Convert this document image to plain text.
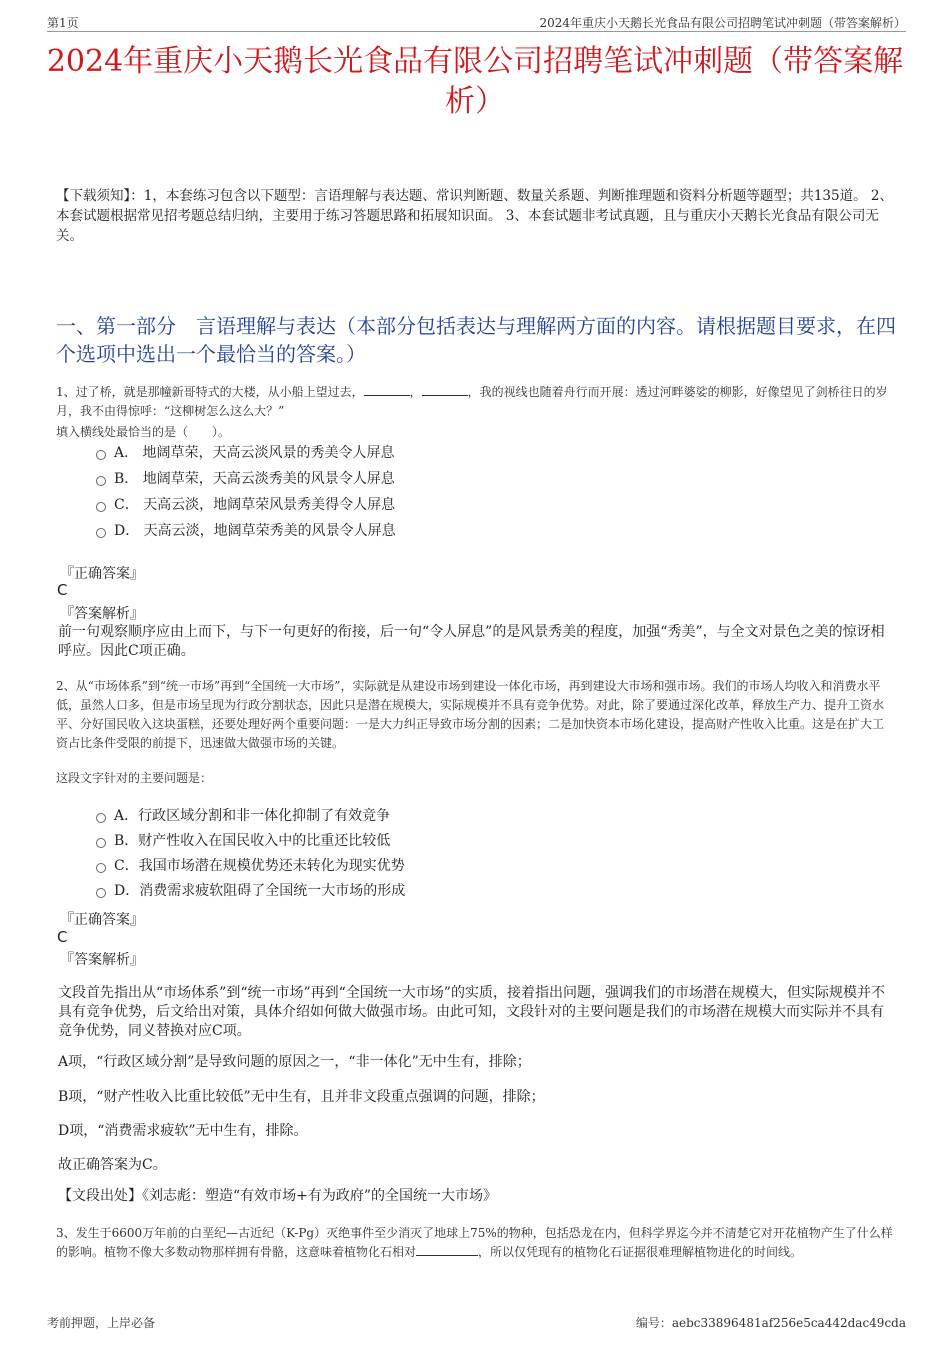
第1页	2024年重庆小天鹅长光食品有限公司招聘笔试冲刺题（带答案解析）
2024年重庆小天鹅长光食品有限公司招聘笔试冲刺题（带答案解析）
【下载须知】：1，本套练习包含以下题型：言语理解与表达题、常识判断题、数量关系题、判断推理题和资料分析题等题型；共135道。 2、本套试题根据常见招考题总结归纳，主要用于练习答题思路和拓展知识面。 3、本套试题非考试真题，且与重庆小天鹅长光食品有限公司无关。
一、第一部分　言语理解与表达（本部分包括表达与理解两方面的内容。请根据题目要求，在四个选项中选出一个最恰当的答案。）
1、过了桥，就是那幢新哥特式的大楼，从小船上望过去，	，	，我的视线也随着舟行而开展：透过河畔婆娑的柳影，好像望见了剑桥往日的岁月，我不由得惊呼：“这柳树怎么这么大？”
填入横线处最恰当的是（　　）。
A． 地阔草荣，天高云淡风景的秀美令人屏息
B． 地阔草荣，天高云淡秀美的风景令人屏息
C． 天高云淡，地阔草荣风景秀美得令人屏息
D． 天高云淡，地阔草荣秀美的风景令人屏息
『正确答案』
C
『答案解析』
前一句观察顺序应由上而下，与下一句更好的衔接，后一句“令人屏息”的是风景秀美的程度，加强“秀美”，与全文对景色之美的惊讶相呼应。因此C项正确。
2、从“市场体系”到“统一市场”再到“全国统一大市场”，实际就是从建设市场到建设一体化市场，再到建设大市场和强市场。我们的市场人均收入和消费水平低，虽然人口多，但是市场呈现为行政分割状态，因此只是潜在规模大，实际规模并不具有竞争优势。对此，除了要通过深化改革，释放生产力、提升工资水平、分好国民收入这块蛋糕，还要处理好两个重要问题：一是大力纠正导致市场分割的因素；二是加快资本市场化建设，提高财产性收入比重。这是在扩大工资占比条件受限的前提下，迅速做大做强市场的关键。
这段文字针对的主要问题是：
A．行政区域分割和非一体化抑制了有效竞争
B．财产性收入在国民收入中的比重还比较低
C．我国市场潜在规模优势还未转化为现实优势
D．消费需求疲软阻碍了全国统一大市场的形成
『正确答案』
C
『答案解析』
文段首先指出从“市场体系”到“统一市场”再到“全国统一大市场”的实质，接着指出问题，强调我们的市场潜在规模大，但实际规模并不具有竞争优势，后文给出对策，具体介绍如何做大做强市场。由此可知，文段针对的主要问题是我们的市场潜在规模大而实际并不具有竞争优势，同义替换对应C项。
A项，“行政区域分割”是导致问题的原因之一，“非一体化”无中生有，排除；
B项，“财产性收入比重比较低”无中生有，且并非文段重点强调的问题，排除；
D项，“消费需求疲软”无中生有，排除。
故正确答案为C。
【文段出处】《刘志彪：塑造“有效市场+有为政府”的全国统一大市场》
3、发生于6600万年前的白垩纪—古近纪（K-Pg）灭绝事件至少消灭了地球上75%的物种，包括恐龙在内，但科学界迄今并不清楚它对开花植物产生了什么样的影响。植物不像大多数动物那样拥有骨骼，这意味着植物化石相对	，所以仅凭现有的植物化石证据很难理解植物进化的时间线。
考前押题，上岸必备	编号：aebc33896481af256e5ca442dac49cda
